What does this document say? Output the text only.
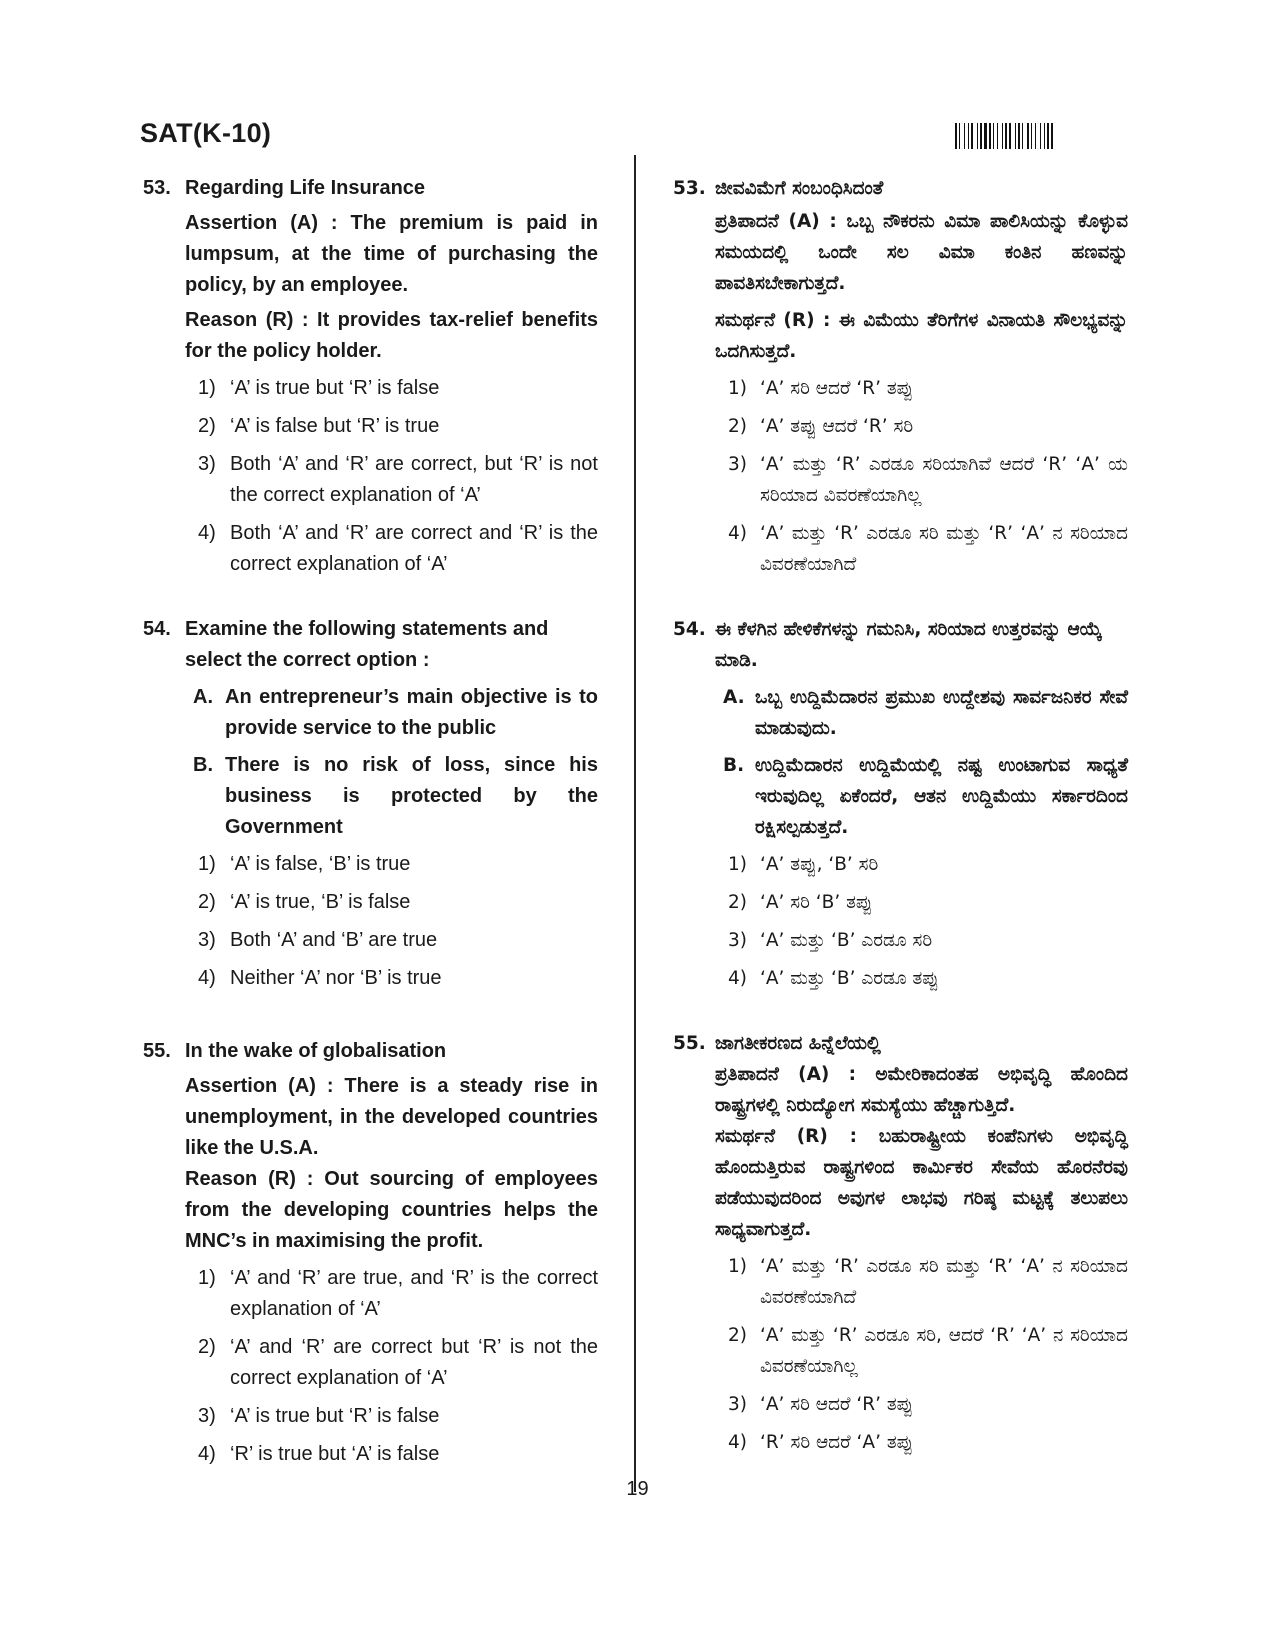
SAT(K-10)
53. Regarding Life Insurance
Assertion (A) : The premium is paid in lumpsum, at the time of purchasing the policy, by an employee.
Reason (R) : It provides tax-relief benefits for the policy holder.
1) ‘A’ is true but ‘R’ is false
2) ‘A’ is false but ‘R’ is true
3) Both ‘A’ and ‘R’ are correct, but ‘R’ is not the correct explanation of ‘A’
4) Both ‘A’ and ‘R’ are correct and ‘R’ is the correct explanation of ‘A’
54. Examine the following statements and select the correct option :
A. An entrepreneur’s main objective is to provide service to the public
B. There is no risk of loss, since his business is protected by the Government
1) ‘A’ is false, ‘B’ is true
2) ‘A’ is true, ‘B’ is false
3) Both ‘A’ and ‘B’ are true
4) Neither ‘A’ nor ‘B’ is true
55. In the wake of globalisation
Assertion (A) : There is a steady rise in unemployment, in the developed countries like the U.S.A.
Reason (R) : Out sourcing of employees from the developing countries helps the MNC’s in maximising the profit.
1) ‘A’ and ‘R’ are true, and ‘R’ is the correct explanation of ‘A’
2) ‘A’ and ‘R’ are correct but ‘R’ is not the correct explanation of ‘A’
3) ‘A’ is true but ‘R’ is false
4) ‘R’ is true but ‘A’ is false
53. ಜೀವವಿಮೆಗೆ ಸಂಬಂಧಿಸಿದಂತೆ
ಪ್ರತಿಪಾದನೆ (A) : ಒಬ್ಬ ನೌಕರನು ವಿಮಾ ಪಾಲಿಸಿಯನ್ನು ಕೊಳ್ಳುವ ಸಮಯದಲ್ಲಿ ಒಂದೇ ಸಲ ವಿಮಾ ಕಂತಿನ ಹಣವನ್ನು ಪಾವತಿಸಬೇಕಾಗುತ್ತದೆ.
ಸಮರ್ಥನೆ (R) : ಈ ವಿಮೆಯು ತೆರಿಗೆಗಳ ವಿನಾಯತಿ ಸೌಲಭ್ಯವನ್ನು ಒದಗಿಸುತ್ತದೆ.
1) ‘A’ ಸರಿ ಆದರೆ ‘R’ ತಪ್ಪು
2) ‘A’ ತಪ್ಪು ಆದರೆ ‘R’ ಸರಿ
3) ‘A’ ಮತ್ತು ‘R’ ಎರಡೂ ಸರಿಯಾಗಿವೆ ಆದರೆ ‘R’ ‘A’ ಯ ಸರಿಯಾದ ವಿವರಣೆಯಾಗಿಲ್ಲ
4) ‘A’ ಮತ್ತು ‘R’ ಎರಡೂ ಸರಿ ಮತ್ತು ‘R’ ‘A’ ನ ಸರಿಯಾದ ವಿವರಣೆಯಾಗಿದೆ
54. ಈ ಕೆಳಗಿನ ಹೇಳಿಕೆಗಳನ್ನು ಗಮನಿಸಿ, ಸರಿಯಾದ ಉತ್ತರವನ್ನು ಆಯ್ಕೆ ಮಾಡಿ.
A. ಒಬ್ಬ ಉದ್ದಿಮೆದಾರನ ಪ್ರಮುಖ ಉದ್ದೇಶವು ಸಾರ್ವಜನಿಕರ ಸೇವೆ ಮಾಡುವುದು.
B. ಉದ್ದಿಮೆದಾರನ ಉದ್ದಿಮೆಯಲ್ಲಿ ನಷ್ಟ ಉಂಟಾಗುವ ಸಾಧ್ಯತೆ ಇರುವುದಿಲ್ಲ ಏಕೆಂದರೆ, ಆತನ ಉದ್ದಿಮೆಯು ಸರ್ಕಾರದಿಂದ ರಕ್ಷಿಸಲ್ಪಡುತ್ತದೆ.
1) ‘A’ ತಪ್ಪು, ‘B’ ಸರಿ
2) ‘A’ ಸರಿ ‘B’ ತಪ್ಪು
3) ‘A’ ಮತ್ತು ‘B’ ಎರಡೂ ಸರಿ
4) ‘A’ ಮತ್ತು ‘B’ ಎರಡೂ ತಪ್ಪು
55. ಜಾಗತೀಕರಣದ ಹಿನ್ನೆಲೆಯಲ್ಲಿ
ಪ್ರತಿಪಾದನೆ (A) : ಅಮೇರಿಕಾದಂತಹ ಅಭಿವೃದ್ಧಿ ಹೊಂದಿದ ರಾಷ್ಟ್ರಗಳಲ್ಲಿ ನಿರುದ್ಯೋಗ ಸಮಸ್ಯೆಯು ಹೆಚ್ಚಾಗುತ್ತಿದೆ.
ಸಮರ್ಥನೆ (R) : ಬಹುರಾಷ್ಟ್ರೀಯ ಕಂಪೆನಿಗಳು ಅಭಿವೃದ್ಧಿ ಹೊಂದುತ್ತಿರುವ ರಾಷ್ಟ್ರಗಳಿಂದ ಕಾರ್ಮಿಕರ ಸೇವೆಯ ಹೊರನೆರವು ಪಡೆಯುವುದರಿಂದ ಅವುಗಳ ಲಾಭವು ಗರಿಷ್ಠ ಮಟ್ಟಕ್ಕೆ ತಲುಪಲು ಸಾಧ್ಯವಾಗುತ್ತದೆ.
1) ‘A’ ಮತ್ತು ‘R’ ಎರಡೂ ಸರಿ ಮತ್ತು ‘R’ ‘A’ ನ ಸರಿಯಾದ ವಿವರಣೆಯಾಗಿದೆ
2) ‘A’ ಮತ್ತು ‘R’ ಎರಡೂ ಸರಿ, ಆದರೆ ‘R’ ‘A’ ನ ಸರಿಯಾದ ವಿವರಣೆಯಾಗಿಲ್ಲ
3) ‘A’ ಸರಿ ಆದರೆ ‘R’ ತಪ್ಪು
4) ‘R’ ಸರಿ ಆದರೆ ‘A’ ತಪ್ಪು
19
